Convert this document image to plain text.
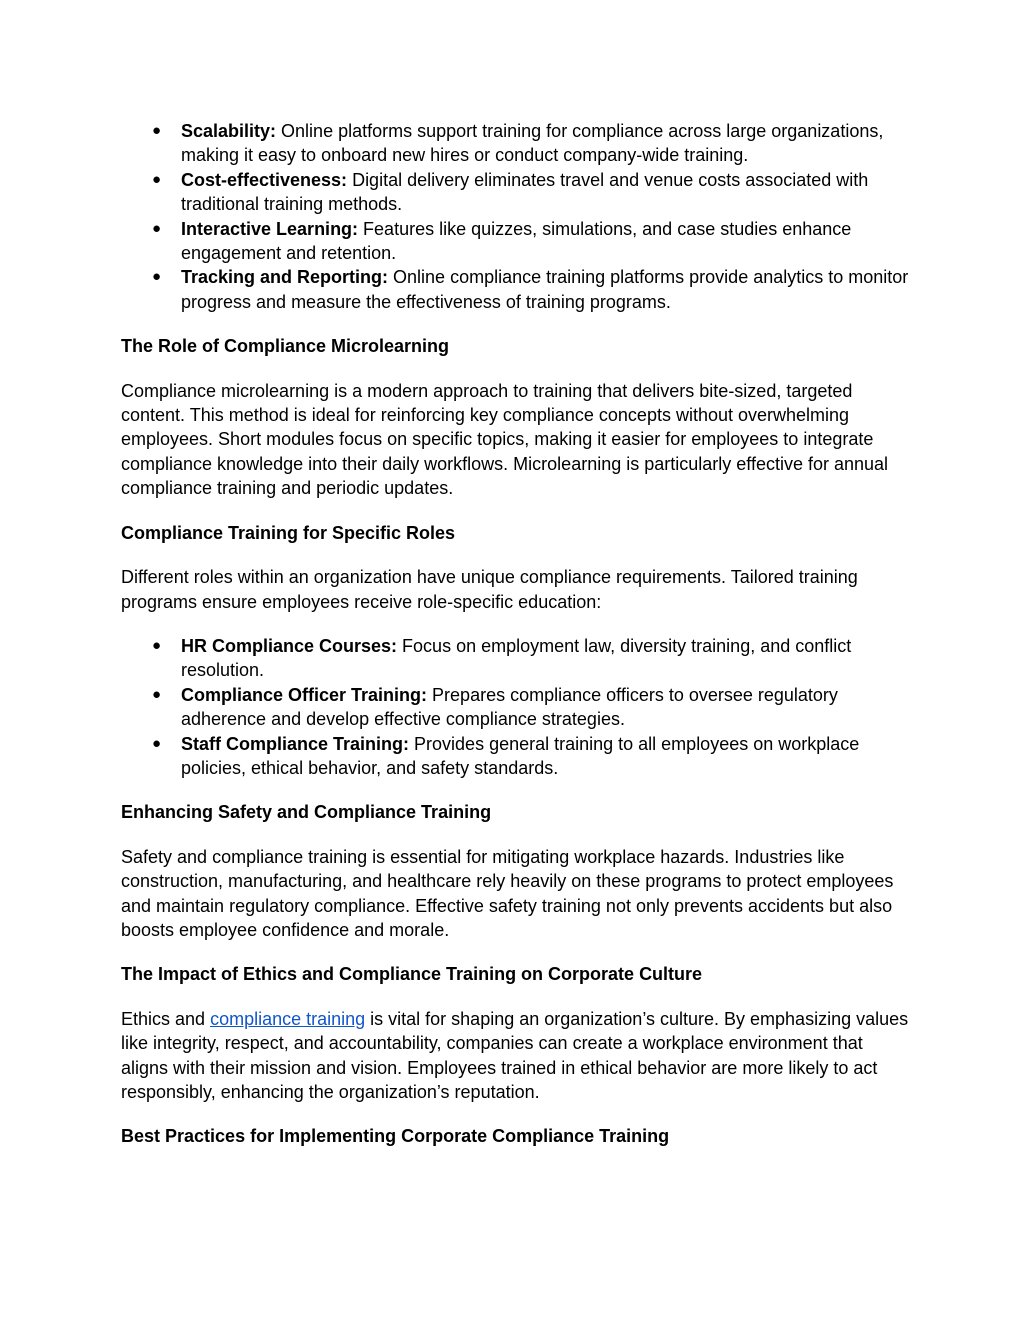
● Scalability: Online platforms support training for compliance across large organizations, making it easy to onboard new hires or conduct company-wide training.
● Cost-effectiveness: Digital delivery eliminates travel and venue costs associated with traditional training methods.
● Interactive Learning: Features like quizzes, simulations, and case studies enhance engagement and retention.
● Tracking and Reporting: Online compliance training platforms provide analytics to monitor progress and measure the effectiveness of training programs.
The Role of Compliance Microlearning

Compliance microlearning is a modern approach to training that delivers bite-sized, targeted content. This method is ideal for reinforcing key compliance concepts without overwhelming employees. Short modules focus on specific topics, making it easier for employees to integrate compliance knowledge into their daily workflows. Microlearning is particularly effective for annual compliance training and periodic updates.

Compliance Training for Specific Roles

Different roles within an organization have unique compliance requirements. Tailored training programs ensure employees receive role-specific education:

● HR Compliance Courses: Focus on employment law, diversity training, and conflict resolution.
● Compliance Officer Training: Prepares compliance officers to oversee regulatory adherence and develop effective compliance strategies.
● Staff Compliance Training: Provides general training to all employees on workplace policies, ethical behavior, and safety standards.
Enhancing Safety and Compliance Training

Safety and compliance training is essential for mitigating workplace hazards. Industries like construction, manufacturing, and healthcare rely heavily on these programs to protect employees and maintain regulatory compliance. Effective safety training not only prevents accidents but also boosts employee confidence and morale.

The Impact of Ethics and Compliance Training on Corporate Culture

Ethics and compliance training is vital for shaping an organization’s culture. By emphasizing values like integrity, respect, and accountability, companies can create a workplace environment that aligns with their mission and vision. Employees trained in ethical behavior are more likely to act responsibly, enhancing the organization’s reputation.

Best Practices for Implementing Corporate Compliance Training
